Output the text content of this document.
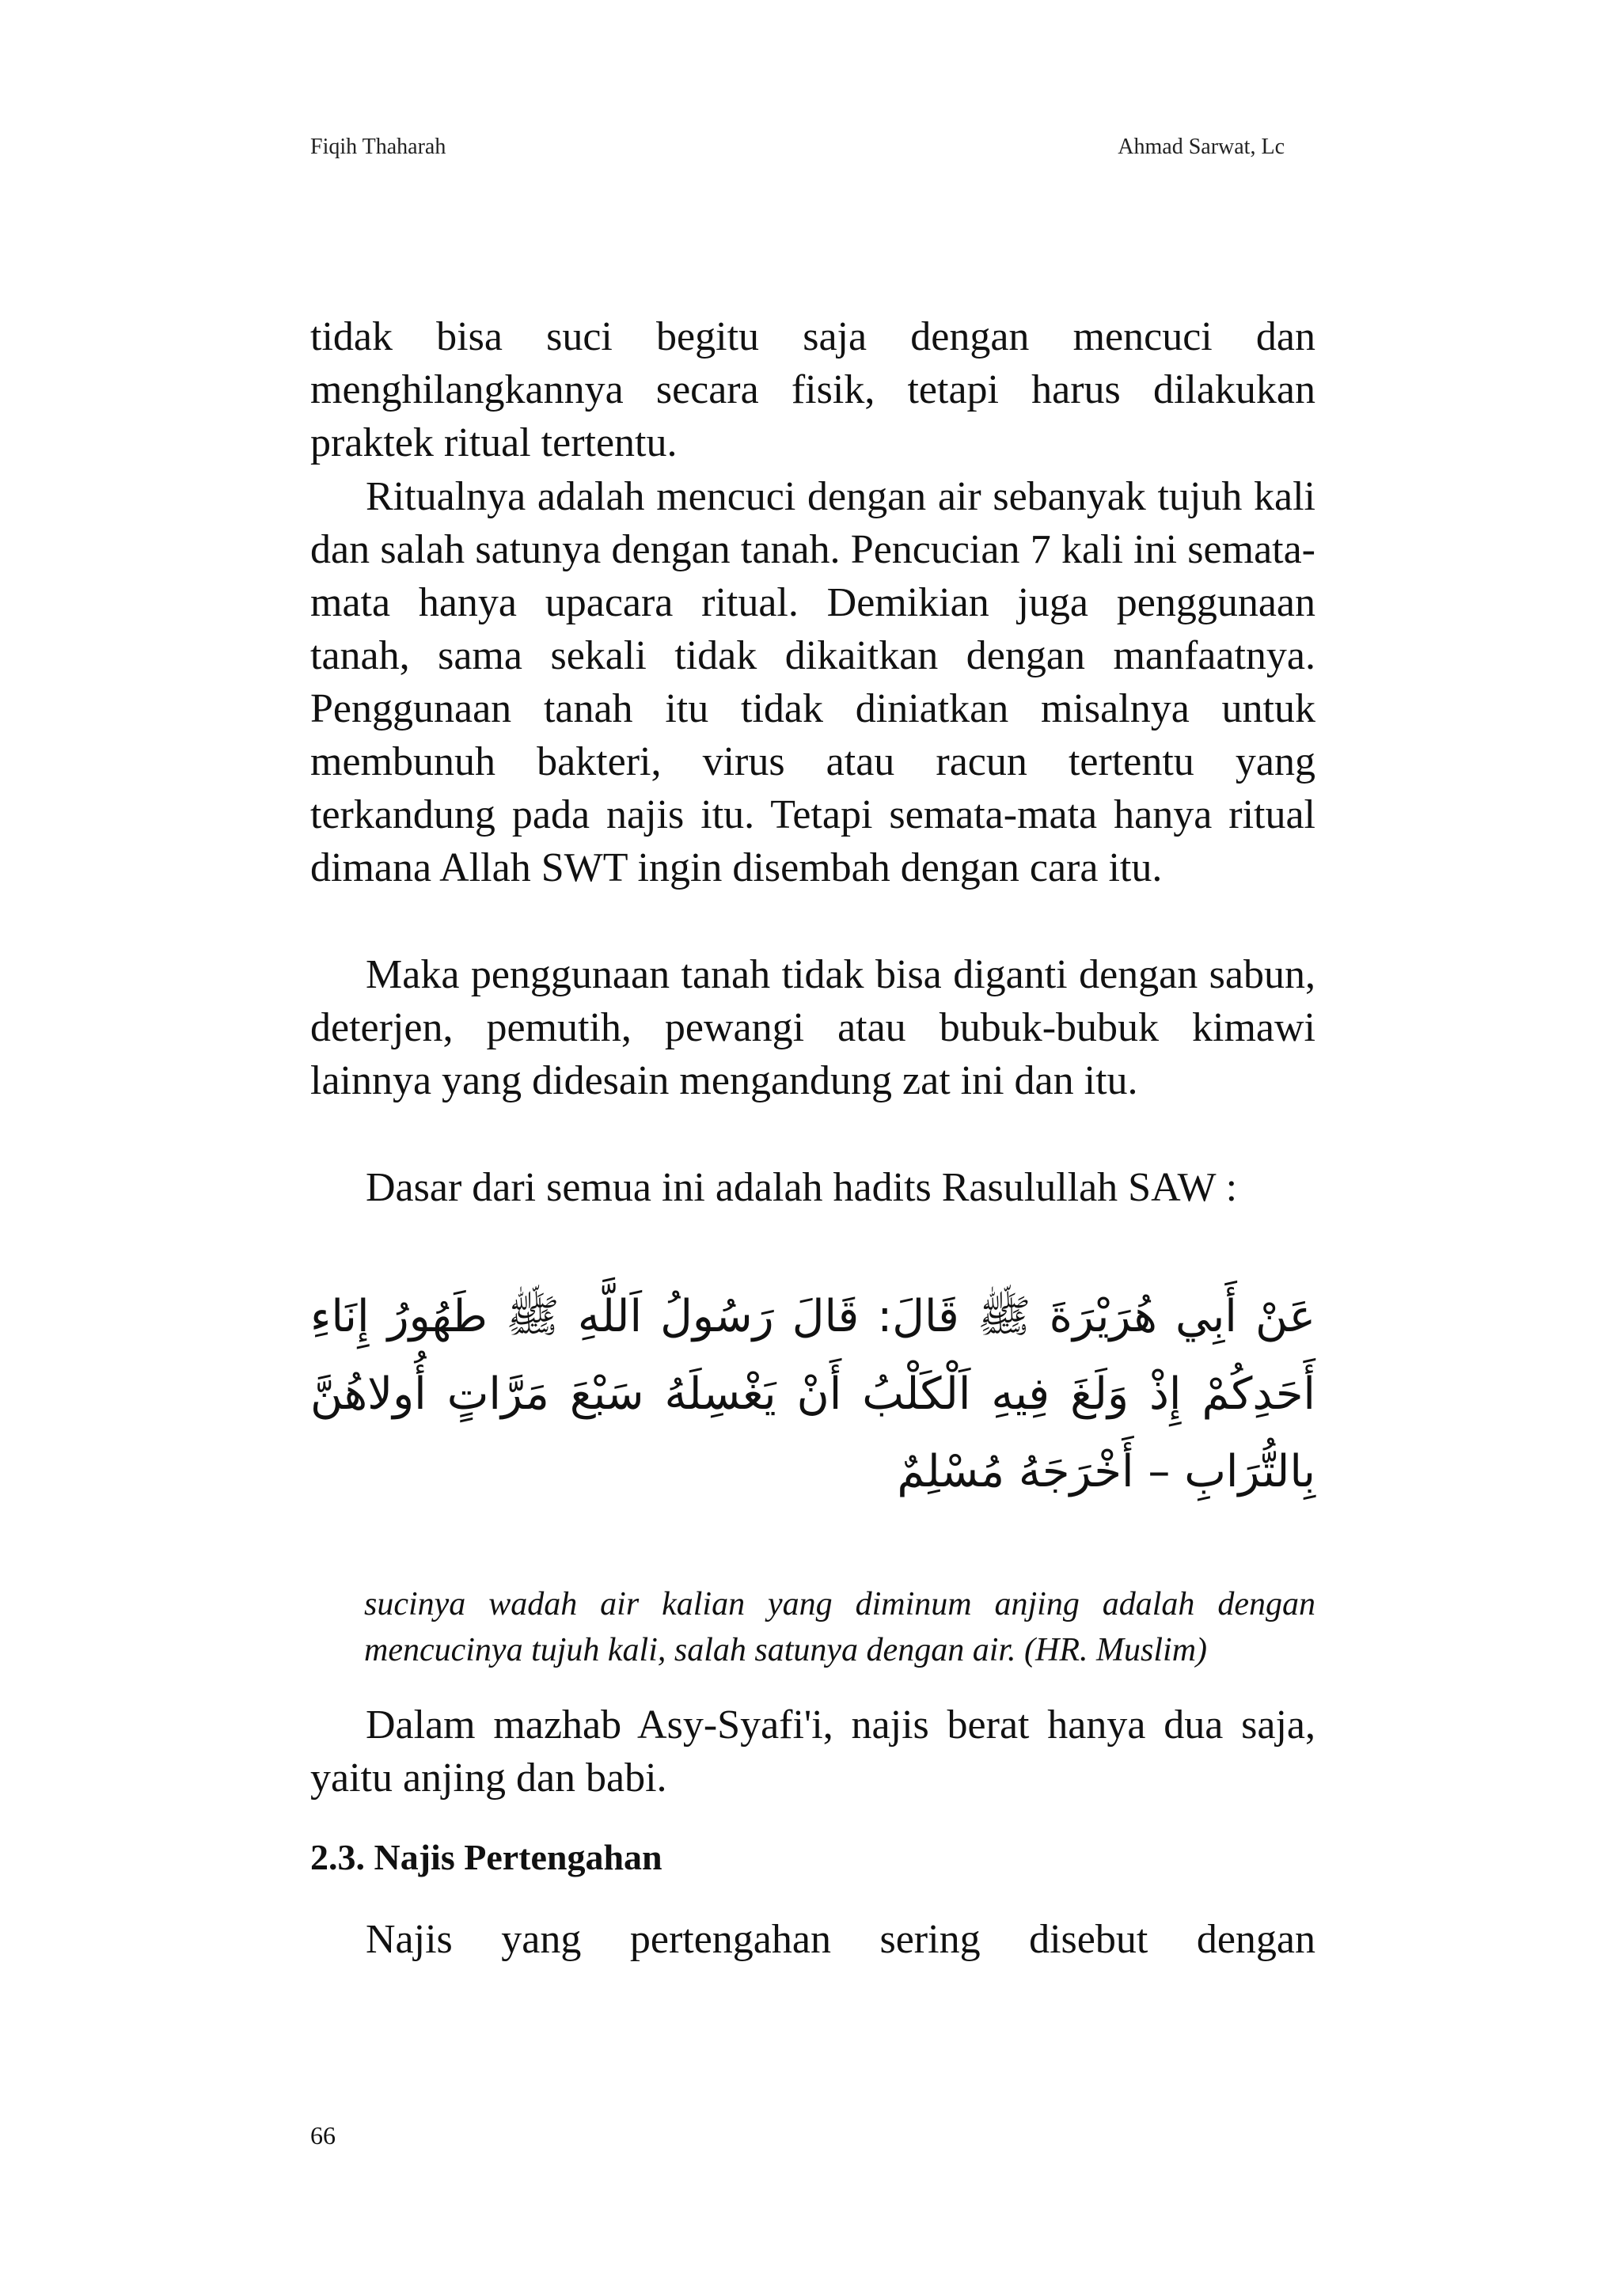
Fiqih Thaharah	Ahmad Sarwat, Lc

tidak bisa suci begitu saja dengan mencuci dan menghilangkannya secara fisik, tetapi harus dilakukan praktek ritual tertentu.

Ritualnya adalah mencuci dengan air sebanyak tujuh kali dan salah satunya dengan tanah. Pencucian 7 kali ini semata-mata hanya upacara ritual. Demikian juga penggunaan tanah, sama sekali tidak dikaitkan dengan manfaatnya. Penggunaan tanah itu tidak diniatkan misalnya untuk membunuh bakteri, virus atau racun tertentu yang terkandung pada najis itu. Tetapi semata-mata hanya ritual dimana Allah SWT ingin disembah dengan cara itu.

Maka penggunaan tanah tidak bisa diganti dengan sabun, deterjen, pemutih, pewangi atau bubuk-bubuk kimawi lainnya yang didesain mengandung zat ini dan itu.

Dasar dari semua ini adalah hadits Rasulullah SAW :

عَنْ أَبِي هُرَيْرَةَ ﷺ قَالَ: قَالَ رَسُولُ اَللَّهِ ﷺ طَهُورُ إِنَاءِ أَحَدِكُمْ إِذْ وَلَغَ فِيهِ اَلْكَلْبُ أَنْ يَغْسِلَهُ سَبْعَ مَرَّاتٍ أُولاهُنَّ بِالتُّرَابِ – أَخْرَجَهُ مُسْلِمٌ

sucinya wadah air kalian yang diminum anjing adalah dengan mencucinya tujuh kali, salah satunya dengan air. (HR. Muslim)

Dalam mazhab Asy-Syafi'i, najis berat hanya dua saja, yaitu anjing dan babi.

2.3. Najis Pertengahan

Najis yang pertengahan sering disebut dengan

66
